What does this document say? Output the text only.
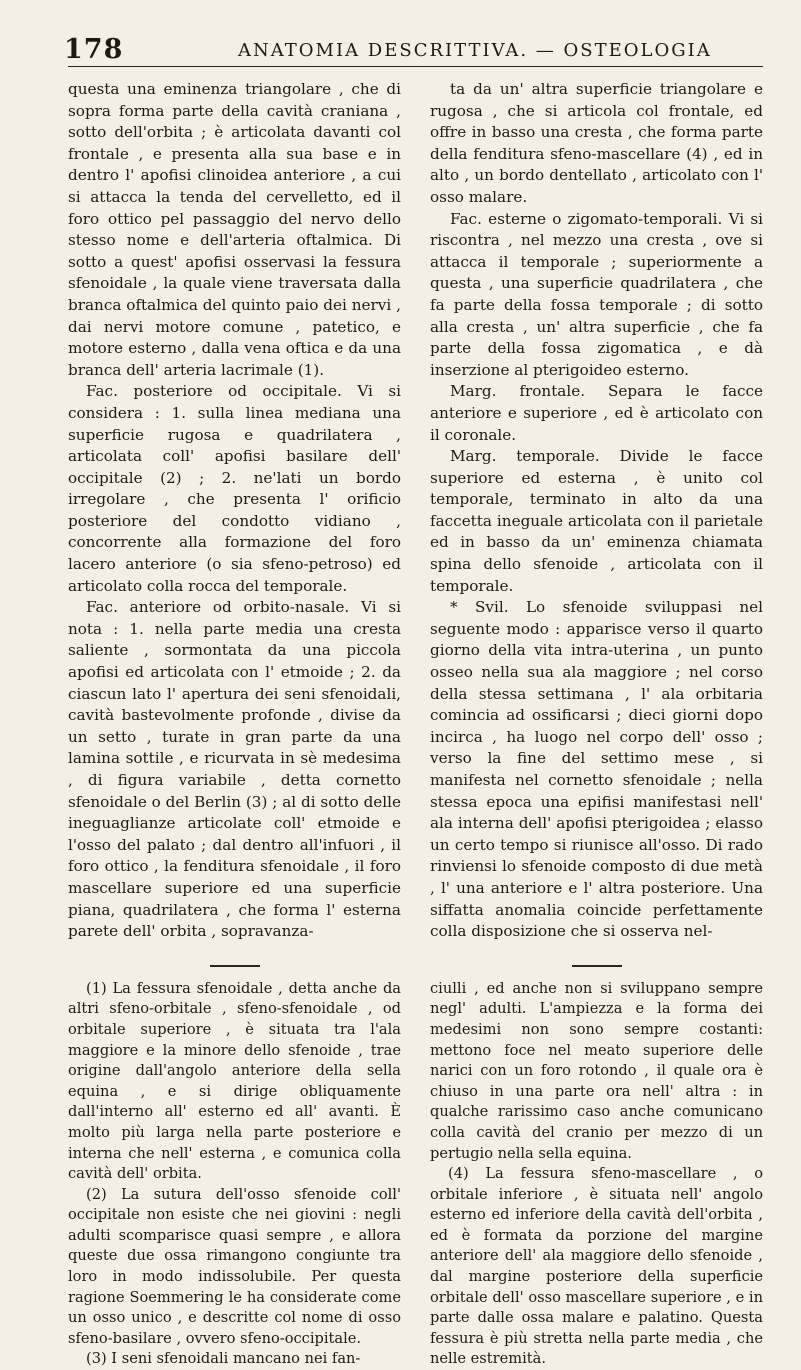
178	ANATOMIA DESCRITTIVA. — OSTEOLOGIA

questa una eminenza triangolare , che di sopra forma parte della cavità craniana , sotto dell'orbita ; è articolata davanti col frontale , e presenta alla sua base e in dentro l' apofisi clinoidea anteriore , a cui si attacca la tenda del cervelletto, ed il foro ottico pel passaggio del nervo dello stesso nome e dell'arteria oftalmica. Di sotto a quest' apofisi osservasi la fessura sfenoidale , la quale viene traversata dalla branca oftalmica del quinto paio dei nervi , dai nervi motore comune , patetico, e motore esterno , dalla vena oftica e da una branca dell' arteria lacrimale (1).

Fac. posteriore od occipitale. Vi si considera : 1. sulla linea mediana una superficie rugosa e quadrilatera , articolata coll' apofisi basilare dell' occipitale (2) ; 2. ne'lati un bordo irregolare , che presenta l' orificio posteriore del condotto vidiano , concorrente alla formazione del foro lacero anteriore (o sia sfeno-petroso) ed articolato colla rocca del temporale.

Fac. anteriore od orbito-nasale. Vi si nota : 1. nella parte media una cresta saliente , sormontata da una piccola apofisi ed articolata con l' etmoide ; 2. da ciascun lato l' apertura dei seni sfenoidali, cavità bastevolmente profonde , divise da un setto , turate in gran parte da una lamina sottile , e ricurvata in sè medesima , di figura variabile , detta cornetto sfenoidale o del Berlin (3) ; al di sotto delle ineguaglianze articolate coll' etmoide e l'osso del palato ; dal dentro all'infuori , il foro ottico , la fenditura sfenoidale , il foro mascellare superiore ed una superficie piana, quadrilatera , che forma l' esterna parete dell' orbita , sopravanza-

ta da un' altra superficie triangolare e rugosa , che si articola col frontale, ed offre in basso una cresta , che forma parte della fenditura sfeno-mascellare (4) , ed in alto , un bordo dentellato , articolato con l' osso malare.

Fac. esterne o zigomato-temporali. Vi si riscontra , nel mezzo una cresta , ove si attacca il temporale ; superiormente a questa , una superficie quadrilatera , che fa parte della fossa temporale ; di sotto alla cresta , un' altra superficie , che fa parte della fossa zigomatica , e dà inserzione al pterigoideo esterno.

Marg. frontale. Separa le facce anteriore e superiore , ed è articolato con il coronale.

Marg. temporale. Divide le facce superiore ed esterna , è unito col temporale, terminato in alto da una faccetta ineguale articolata con il parietale ed in basso da un' eminenza chiamata spina dello sfenoide , articolata con il temporale.

* Svil. Lo sfenoide sviluppasi nel seguente modo : apparisce verso il quarto giorno della vita intra-uterina , un punto osseo nella sua ala maggiore ; nel corso della stessa settimana , l' ala orbitaria comincia ad ossificarsi ; dieci giorni dopo incirca , ha luogo nel corpo dell' osso ; verso la fine del settimo mese , si manifesta nel cornetto sfenoidale ; nella stessa epoca una epifisi manifestasi nell' ala interna dell' apofisi pterigoidea ; elasso un certo tempo si riunisce all'osso. Di rado rinviensi lo sfenoide composto di due metà , l' una anteriore e l' altra posteriore. Una siffatta anomalia coincide perfettamente colla disposizione che si osserva nel-

(1) La fessura sfenoidale , detta anche da altri sfeno-orbitale , sfeno-sfenoidale , od orbitale superiore , è situata tra l'ala maggiore e la minore dello sfenoide , trae origine dall'angolo anteriore della sella equina , e si dirige obliquamente dall'interno all' esterno ed all' avanti. È molto più larga nella parte posteriore e interna che nell' esterna , e comunica colla cavità dell' orbita.

(2) La sutura dell'osso sfenoide coll' occipitale non esiste che nei giovini : negli adulti scomparisce quasi sempre , e allora queste due ossa rimangono congiunte tra loro in modo indissolubile. Per questa ragione Soemmering le ha considerate come un osso unico , e descritte col nome di osso sfeno-basilare , ovvero sfeno-occipitale.

(3) I seni sfenoidali mancano nei fan-

ciulli , ed anche non si sviluppano sempre negl' adulti. L'ampiezza e la forma dei medesimi non sono sempre costanti: mettono foce nel meato superiore delle narici con un foro rotondo , il quale ora è chiuso in una parte ora nell' altra : in qualche rarissimo caso anche comunicano colla cavità del cranio per mezzo di un pertugio nella sella equina.

(4) La fessura sfeno-mascellare , o orbitale inferiore , è situata nell' angolo esterno ed inferiore della cavità dell'orbita , ed è formata da porzione del margine anteriore dell' ala maggiore dello sfenoide , dal margine posteriore della superficie orbitale dell' osso mascellare superiore , e in parte dalle ossa malare e palatino. Questa fessura è più stretta nella parte media , che nelle estremità.
